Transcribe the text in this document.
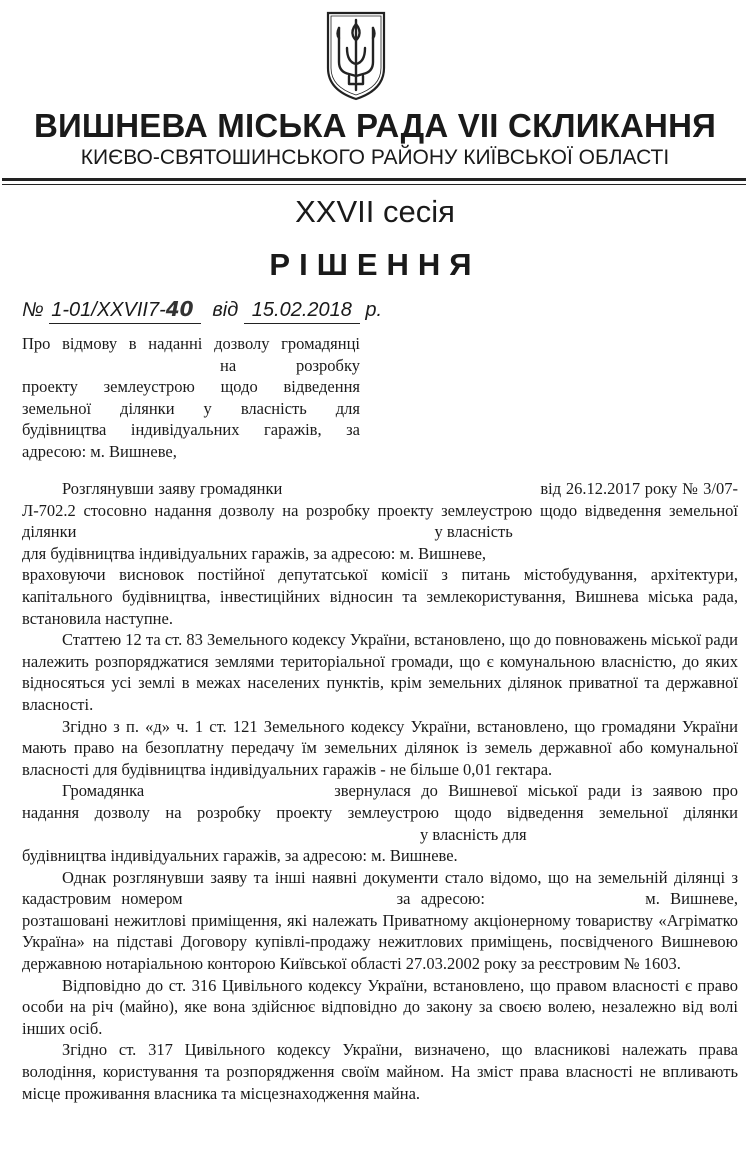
ВИШНЕВА МІСЬКА РАДА VII СКЛИКАННЯ
КИЄВО-СВЯТОШИНСЬКОГО РАЙОНУ КИЇВСЬКОЇ ОБЛАСТІ
XXVII сесія
РІШЕННЯ
№ 1-01/XXVII7-40 від 15.02.2018 р.
Про відмову в наданні дозволу громадянці
на розробку
проекту землеустрою щодо відведення
земельної ділянки у власність для
будівництва індивідуальних гаражів, за
адресою: м. Вишневе,

Розглянувши заяву громадянки	від 26.12.2017 року № 3/07-Л-702.2 стосовно надання дозволу на розробку проекту землеустрою щодо відведення земельної ділянки	у власність

для будівництва індивідуальних гаражів, за адресою: м. Вишневе,

враховуючи висновок постійної депутатської комісії з питань містобудування, архітектури, капітального будівництва, інвестиційних відносин та землекористування, Вишнева міська рада, встановила наступне.

Статтею 12 та ст. 83 Земельного кодексу України, встановлено, що до повноважень міської ради належить розпоряджатися землями територіальної громади, що є комунальною власністю, до яких відносяться усі землі в межах населених пунктів, крім земельних ділянок приватної та державної власності.

Згідно з п. «д» ч. 1 ст. 121 Земельного кодексу України, встановлено, що громадяни України мають право на безоплатну передачу їм земельних ділянок із земель державної або комунальної власності для будівництва індивідуальних гаражів - не більше 0,01 гектара.

Громадянка	звернулася до Вишневої міської ради із заявою про надання дозволу на розробку проекту землеустрою щодо відведення земельної ділянкиу власність для

будівництва індивідуальних гаражів, за адресою: м. Вишневе.

Однак розглянувши заяву та інші наявні документи стало відомо, що на земельній ділянці з кадастровим номером	за адресою:	м. Вишневе, розташовані нежитлові приміщення, які належать Приватному акціонерному товариству «Агріматко Україна» на підставі Договору купівлі-продажу нежитлових приміщень, посвідченого Вишневою державною нотаріальною конторою Київської області 27.03.2002 року за реєстровим № 1603.

Відповідно до ст. 316 Цивільного кодексу України, встановлено, що правом власності є право особи на річ (майно), яке вона здійснює відповідно до закону за своєю волею, незалежно від волі інших осіб.

Згідно ст. 317 Цивільного кодексу України, визначено, що власникові належать права володіння, користування та розпорядження своїм майном. На зміст права власності не впливають місце проживання власника та місцезнаходження майна.
